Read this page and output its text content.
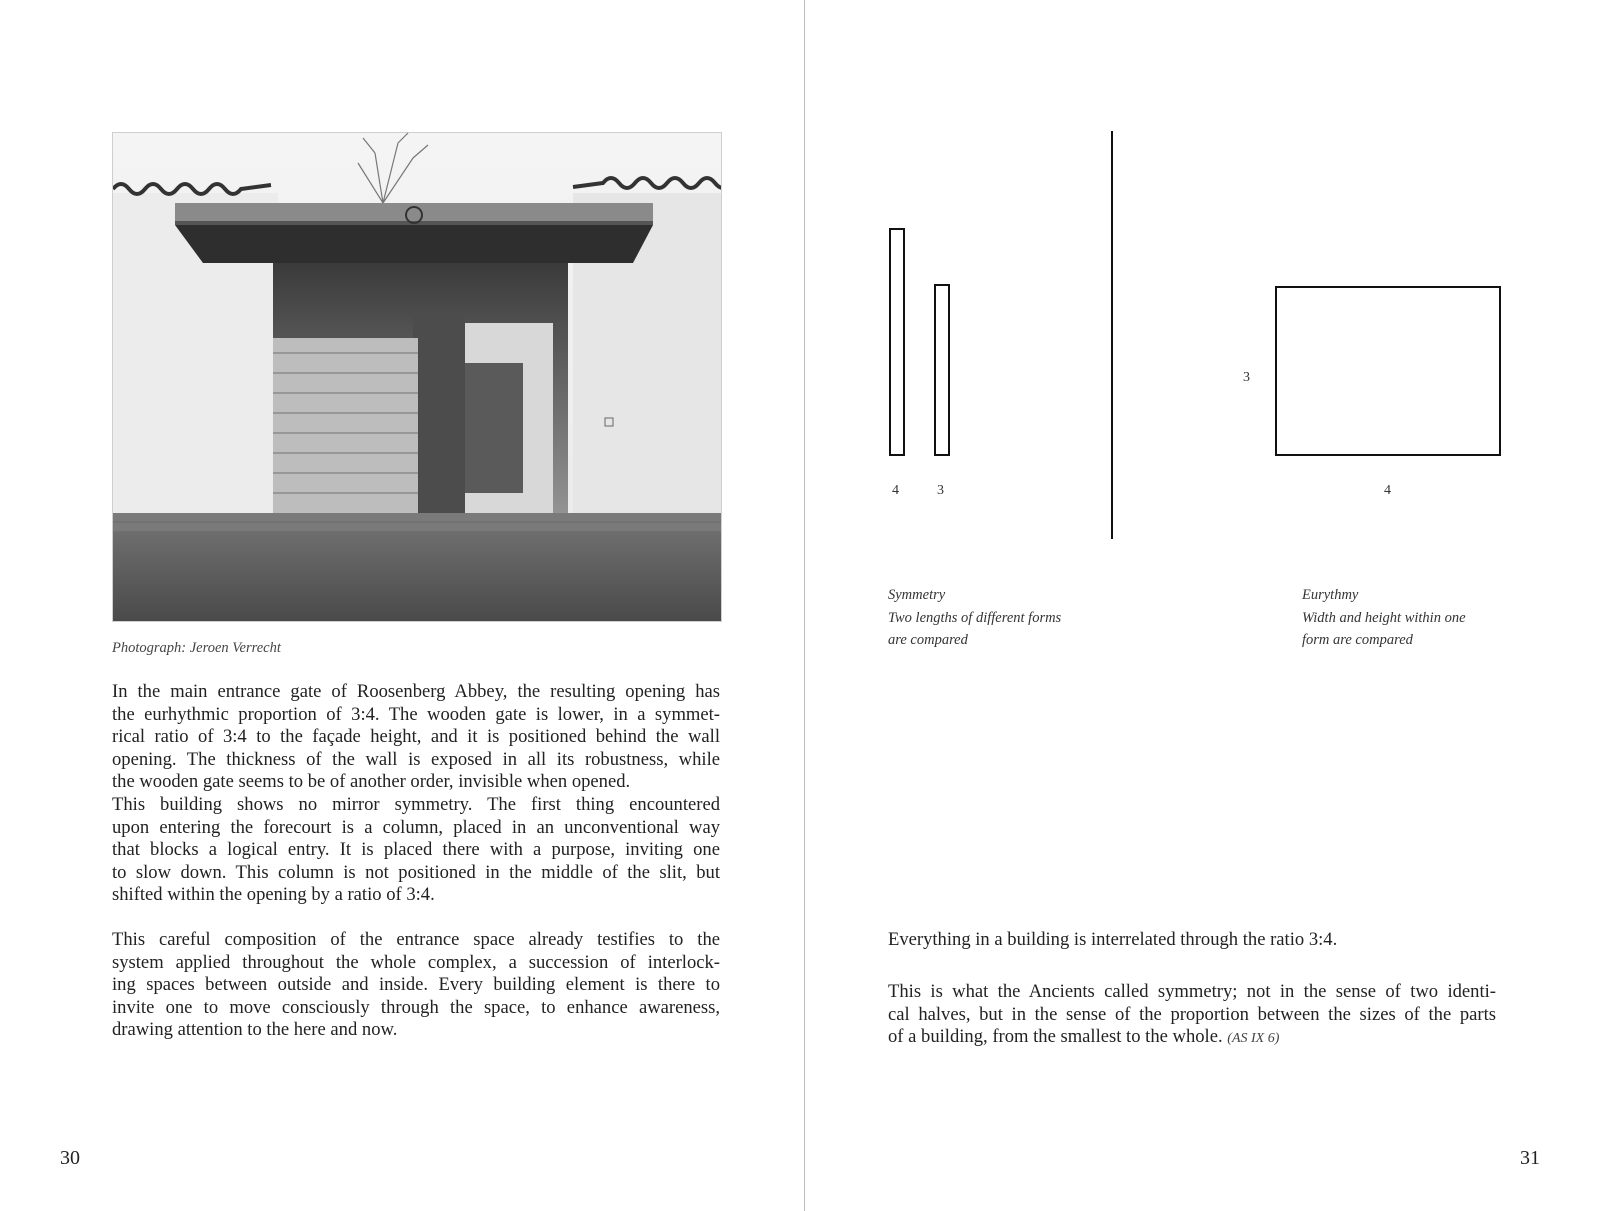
Photograph: Jeroen Verrecht
In the main entrance gate of Roosenberg Abbey, the resulting opening has
the eurhythmic proportion of 3:4. The wooden gate is lower, in a symmet-
rical ratio of 3:4 to the façade height, and it is positioned behind the wall
opening. The thickness of the wall is exposed in all its robustness, while
the wooden gate seems to be of another order, invisible when opened.
This building shows no mirror symmetry. The first thing encountered
upon entering the forecourt is a column, placed in an unconventional way
that blocks a logical entry. It is placed there with a purpose, inviting one
to slow down. This column is not positioned in the middle of the slit, but
shifted within the opening by a ratio of 3:4.
This careful composition of the entrance space already testifies to the
system applied throughout the whole complex, a succession of interlock-
ing spaces between outside and inside. Every building element is there to
invite one to move consciously through the space, to enhance awareness,
drawing attention to the here and now.
30
4	3
3
4
Symmetry
Two lengths of different forms
are compared
Eurythmy
Width and height within one
form are compared
Everything in a building is interrelated through the ratio 3:4.
This is what the Ancients called symmetry; not in the sense of two identi-
cal halves, but in the sense of the proportion between the sizes of the parts
of a building, from the smallest to the whole. (AS IX 6)
31
